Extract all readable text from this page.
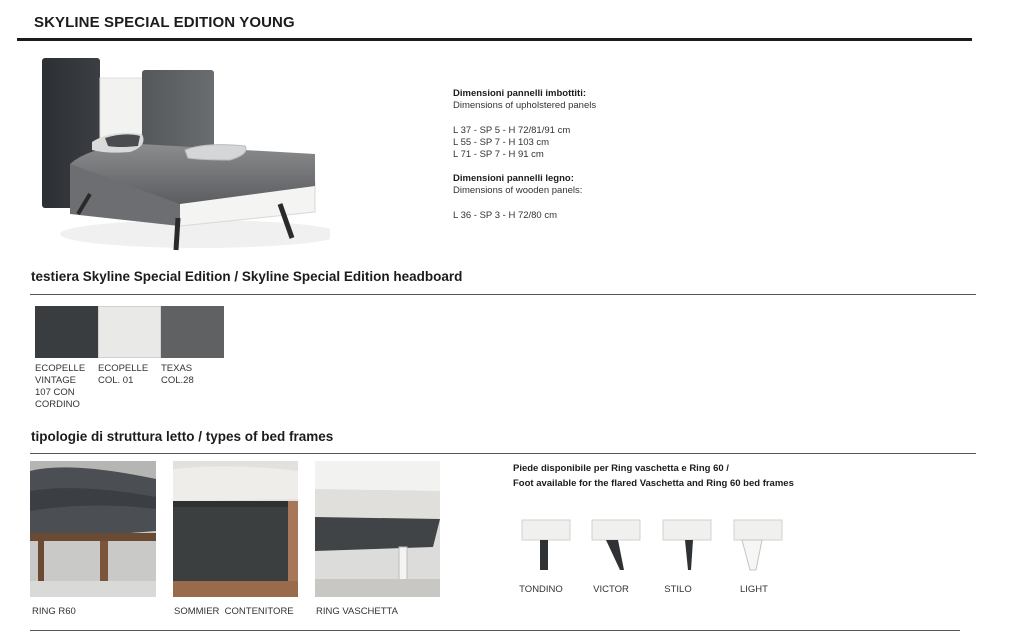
SKYLINE SPECIAL EDITION YOUNG
Dimensioni pannelli imbottiti:
Dimensions of upholstered panels
L 37 - SP 5 - H 72/81/91 cm
L 55 - SP 7 - H 103 cm
L 71 - SP 7 - H 91 cm
Dimensioni pannelli legno:
Dimensions of wooden panels:
L 36 - SP 3 - H 72/80 cm
testiera Skyline Special Edition / Skyline Special Edition headboard
ECOPELLE
VINTAGE
107 CON
CORDINO
ECOPELLE
COL. 01
TEXAS
COL.28
tipologie di struttura letto / types of bed frames
RING R60	SOMMIER  CONTENITORE RING VASCHETTA
Piede disponibile per Ring vaschetta e Ring 60 /
Foot available for the flared Vaschetta and Ring 60 bed frames
TONDINO	VICTOR	STILO	LIGHT
